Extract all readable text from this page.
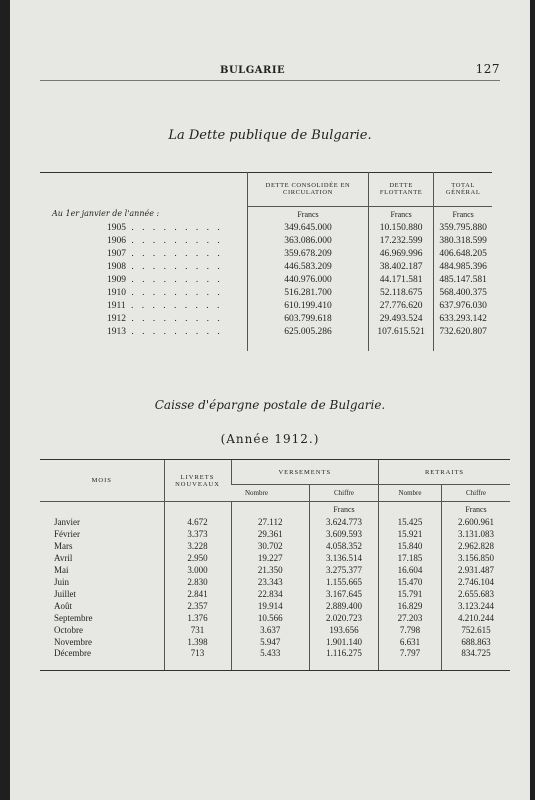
BULGARIE	127
La Dette publique de Bulgarie.
	DETTE CONSOLIDÉE EN CIRCULATION	DETTE FLOTTANTE	TOTAL GÉNÉRAL
Au 1er janvier de l'année :	Francs	Francs	Francs
1905 . . . . . . . . .	349.645.000	10.150.880	359.795.880
1906 . . . . . . . . .	363.086.000	17.232.599	380.318.599
1907 . . . . . . . . .	359.678.209	46.969.996	406.648.205
1908 . . . . . . . . .	446.583.209	38.402.187	484.985.396
1909 . . . . . . . . .	440.976.000	44.171.581	485.147.581
1910 . . . . . . . . .	516.281.700	52.118.675	568.400.375
1911 . . . . . . . . .	610.199.410	27.776.620	637.976.030
1912 . . . . . . . . .	603.799.618	29.493.524	633.293.142
1913 . . . . . . . . .	625.005.286	107.615.521	732.620.807

Caisse d'épargne postale de Bulgarie.
(Année 1912.)
MOIS	LIVRETS NOUVEAUX	VERSEMENTS		RETRAITS	
		Nombre	Chiffre	Nombre	Chiffre
			Francs		Francs
Janvier	4.672	27.112	3.624.773	15.425	2.600.961
Février	3.373	29.361	3.609.593	15.921	3.131.083
Mars	3.228	30.702	4.058.352	15.840	2.962.828
Avril	2.950	19.227	3.136.514	17.185	3.156.850
Mai	3.000	21.350	3.275.377	16.604	2.931.487
Juin	2.830	23.343	1.155.665	15.470	2.746.104
Juillet	2.841	22.834	3.167.645	15.791	2.655.683
Août	2.357	19.914	2.889.400	16.829	3.123.244
Septembre	1.376	10.566	2.020.723	27.203	4.210.244
Octobre	731	3.637	193.656	7.798	752.615
Novembre	1.398	5.947	1.901.140	6.631	688.863
Décembre	713	5.433	1.116.275	7.797	834.725
